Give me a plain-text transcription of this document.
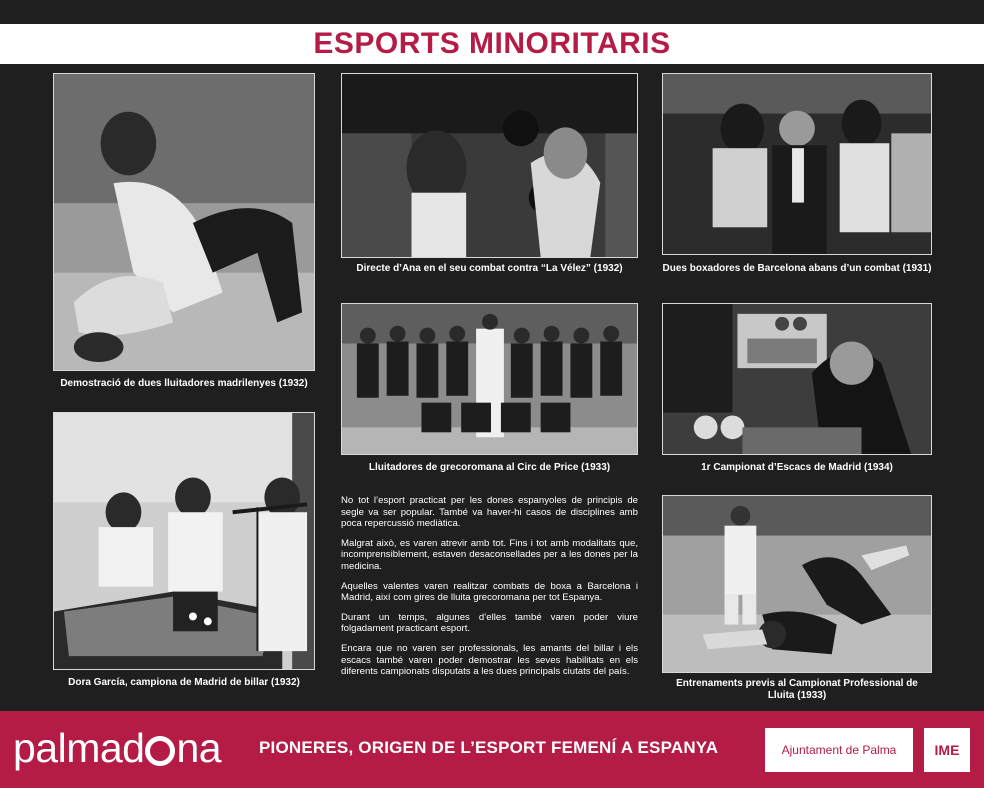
ESPORTS MINORITARIS
Demostració de dues lluitadores madrilenyes (1932)
Directe d’Ana en el seu combat contra “La Vélez” (1932)	Dues boxadores de Barcelona abans d’un combat (1931)
Lluitadores de grecoromana al Circ de Price (1933)	1r Campionat d’Escacs de Madrid (1934)
Dora García, campiona de Madrid de billar (1932)	Entrenaments previs al Campionat Professional de Lluita (1933)

No tot l’esport practicat per les dones espanyoles de principis de segle va ser popular. També va haver-hi casos de disciplines amb poca repercussió mediàtica.

Malgrat això, es varen atrevir amb tot. Fins i tot amb modalitats que, incomprensiblement, estaven desaconsellades per a les dones per la medicina.

Aquelles valentes varen realitzar combats de boxa a Barcelona i Madrid, així com gires de lluita grecoromana per tot Espanya.

Durant un temps, algunes d’elles també varen poder viure folgadament practicant esport.

Encara que no varen ser professionals, les amants del billar i els escacs també varen poder demostrar les seves habilitats en els diferents campionats disputats a les dues principals ciutats del país.

palmad na PIONERES, ORIGEN DE L’ESPORT FEMENÍ A ESPANYA	Ajuntament de Palma	IME
